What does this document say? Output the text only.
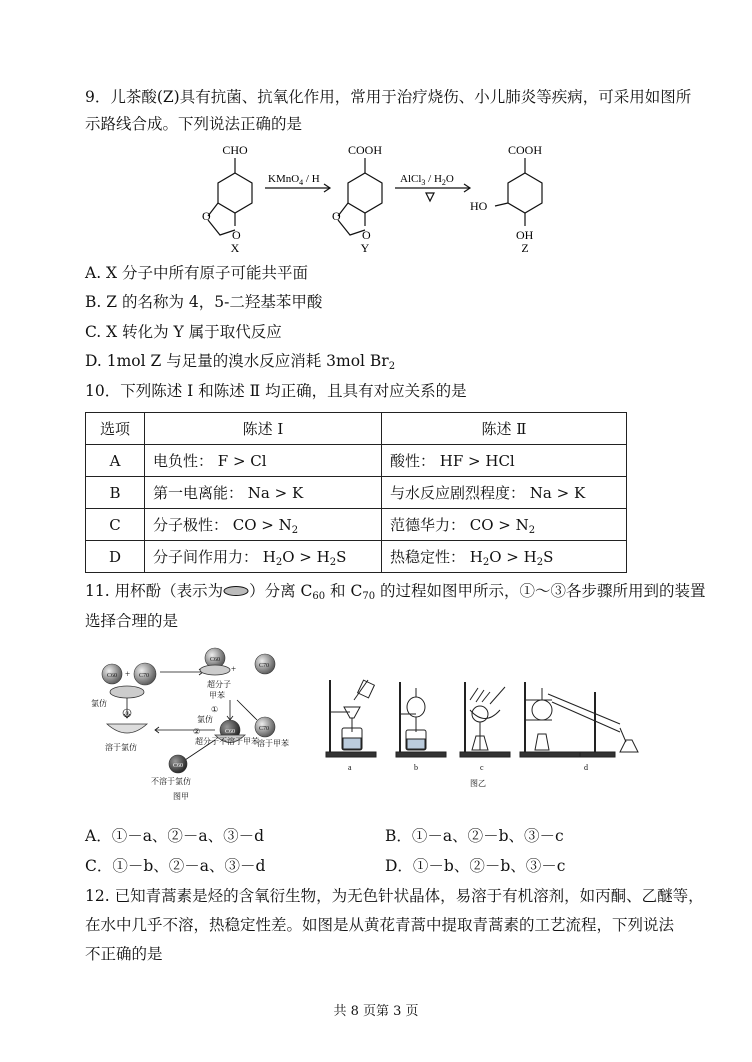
9．儿茶酸(Z)具有抗菌、抗氧化作用，常用于治疗烧伤、小儿肺炎等疾病，可采用如图所
示路线合成。下列说法正确的是
CHO	COOH	COOH
O
O
O
O
HO
OH
KMnO$_4$ / H	AlCl$_3$ / $H_2O$
X	Y	Z
A. X 分子中所有原子可能共平面
B. Z 的名称为 4，5-二羟基苯甲酸
C. X 转化为 Y 属于取代反应
D. 1mol Z 与足量的溴水反应消耗 3mol $Br_2$
10．下列陈述 Ⅰ 和陈述 Ⅱ 均正确，且具有对应关系的是
选项	陈述 Ⅰ	陈述 Ⅱ
A	电负性： F > Cl	酸性： HF > HCl
B	第一电离能： Na > K	与水反应剧烈程度： Na > K
C	分子极性： CO > $N_2$	范德华力： CO > $N_2$
D	分子间作用力： $H_2O > H_2S$	热稳定性： $H_2O > H_2S$
11. 用杯酚（表示为 ）分离 $C_{60}$ 和 $C_{70}$ 的过程如图甲所示，①～③各步骤所用到的装置
选择合理的是
C60 + C70
氯仿
③
溶于氯仿
C60
+	C70
超分子
甲苯
①
C70
溶于甲苯
C60
超分子不溶于甲苯
氯仿
②
C60
不溶于氯仿
图甲
a	b	c	d
图乙
A．①－a、②－a、③－d	B．①－a、②－b、③－c
C．①－b、②－a、③－d	D．①－b、②－b、③－c
12. 已知青蒿素是烃的含氧衍生物，为无色针状晶体，易溶于有机溶剂，如丙酮、乙醚等，
在水中几乎不溶，热稳定性差。如图是从黄花青蒿中提取青蒿素的工艺流程，下列说法
不正确的是
共 8 页第 3 页
